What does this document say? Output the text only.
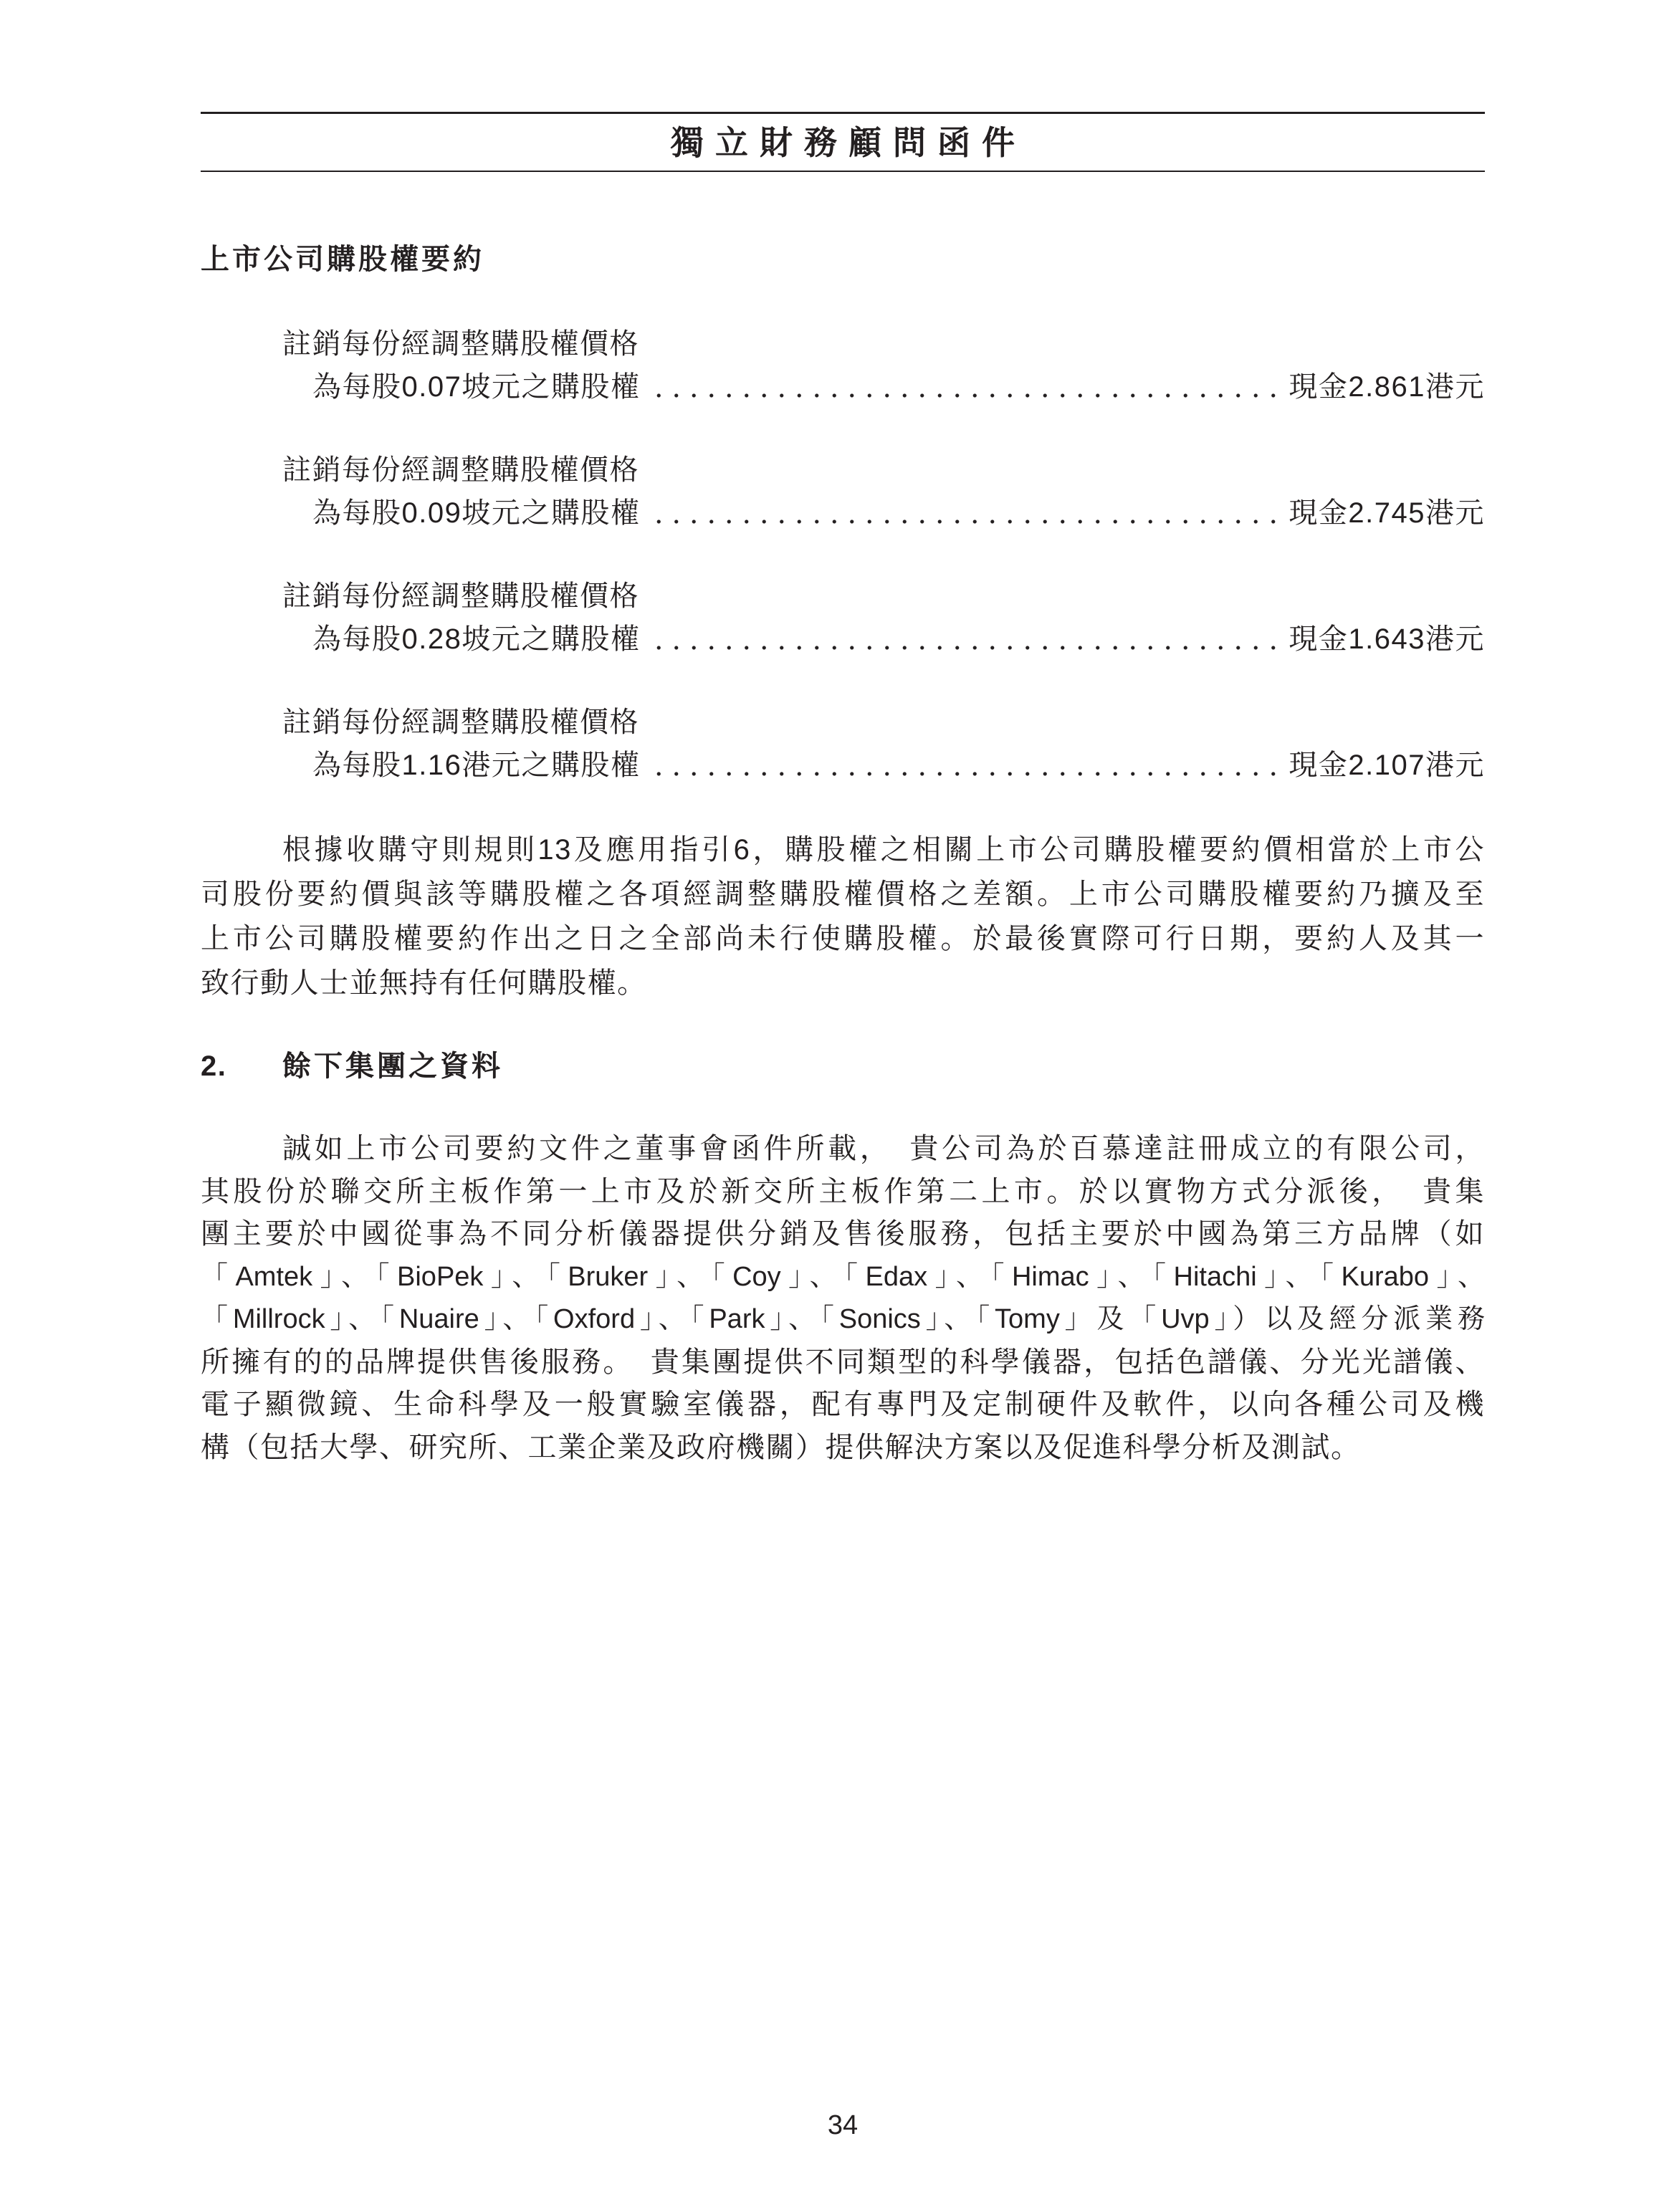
獨立財務顧問函件
上市公司購股權要約
註銷每份經調整購股權價格
為每股0.07坡元之購股權	現金2.861港元
註銷每份經調整購股權價格
為每股0.09坡元之購股權	現金2.745港元
註銷每份經調整購股權價格
為每股0.28坡元之購股權	現金1.643港元
註銷每份經調整購股權價格
為每股1.16港元之購股權	現金2.107港元
根據收購守則規則13及應用指引6，購股權之相關上市公司購股權要約價相當於上市公
司股份要約價與該等購股權之各項經調整購股權價格之差額。上市公司購股權要約乃擴及至
上市公司購股權要約作出之日之全部尚未行使購股權。於最後實際可行日期，要約人及其一
致行動人士並無持有任何購股權。
2.	餘下集團之資料
誠如上市公司要約文件之董事會函件所載，　貴公司為於百慕達註冊成立的有限公司，
其股份於聯交所主板作第一上市及於新交所主板作第二上市。於以實物方式分派後，　貴集
團主要於中國從事為不同分析儀器提供分銷及售後服務，包括主要於中國為第三方品牌（如
「Amtek」、「BioPek」、「Bruker」、「Coy」、「Edax」、「Himac」、「Hitachi」、「Kurabo」、
「Millrock」、「Nuaire」、「Oxford」、「Park」、「Sonics」、「Tomy」及「Uvp」）以及經分派業務
所擁有的的品牌提供售後服務。　貴集團提供不同類型的科學儀器，包括色譜儀、分光光譜儀、
電子顯微鏡、生命科學及一般實驗室儀器，配有專門及定制硬件及軟件，以向各種公司及機
構（包括大學、研究所、工業企業及政府機關）提供解決方案以及促進科學分析及測試。
34
